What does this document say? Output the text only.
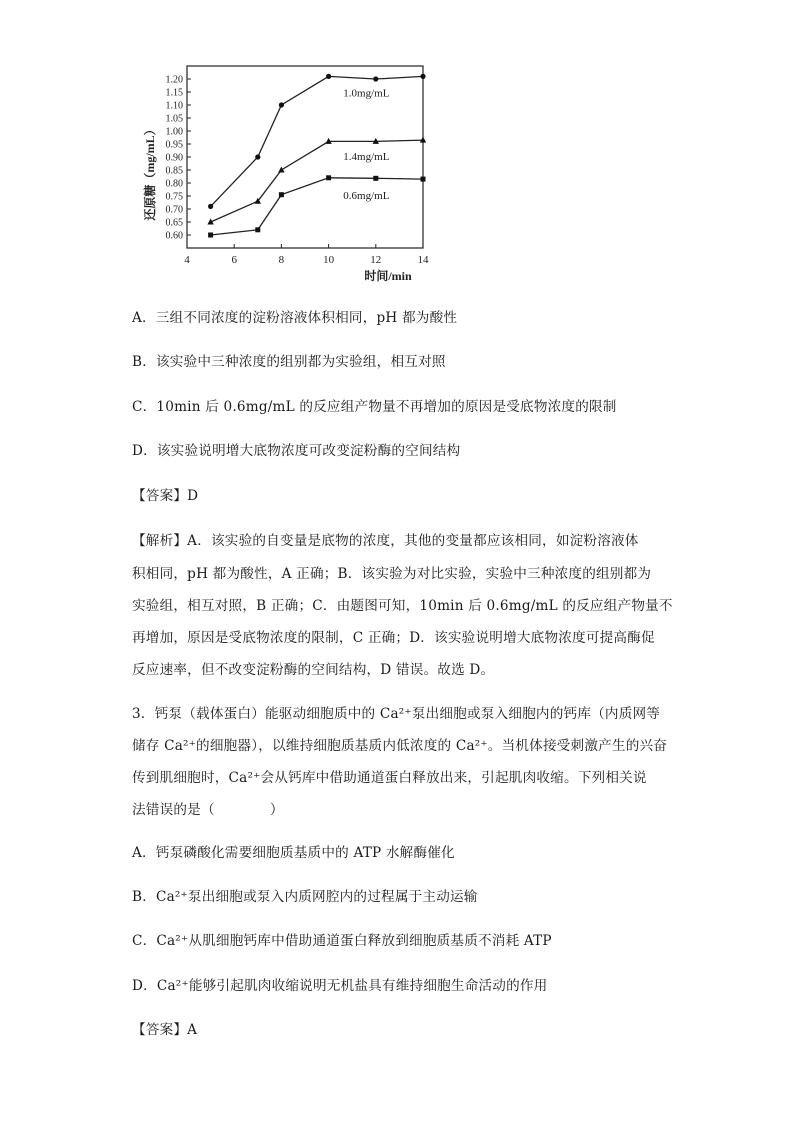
还原糖（mg/mL）
时间/min
4	6	8	10	12	14
0.60
0.65
0.70
0.75
0.80
0.85
0.90
0.95
1.00
1.05
1.10
1.15
1.20
1.0mg/mL
1.4mg/mL
0.6mg/mL
A．三组不同浓度的淀粉溶液体积相同，pH 都为酸性
B．该实验中三种浓度的组别都为实验组，相互对照
C．10min 后 0.6mg/mL 的反应组产物量不再增加的原因是受底物浓度的限制
D．该实验说明增大底物浓度可改变淀粉酶的空间结构
【答案】D
【解析】A．该实验的自变量是底物的浓度，其他的变量都应该相同，如淀粉溶液体
积相同，pH 都为酸性，A 正确；B．该实验为对比实验，实验中三种浓度的组别都为
实验组，相互对照，B 正确；C．由题图可知，10min 后 0.6mg/mL 的反应组产物量不
再增加，原因是受底物浓度的限制，C 正确；D．该实验说明增大底物浓度可提高酶促
反应速率，但不改变淀粉酶的空间结构，D 错误。故选 D。
3．钙泵（载体蛋白）能驱动细胞质中的 Ca²⁺泵出细胞或泵入细胞内的钙库（内质网等
储存 Ca²⁺的细胞器），以维持细胞质基质内低浓度的 Ca²⁺。当机体接受刺激产生的兴奋
传到肌细胞时，Ca²⁺会从钙库中借助通道蛋白释放出来，引起肌肉收缩。下列相关说
法错误的是（　　　　）
A．钙泵磷酸化需要细胞质基质中的 ATP 水解酶催化
B．Ca²⁺泵出细胞或泵入内质网腔内的过程属于主动运输
C．Ca²⁺从肌细胞钙库中借助通道蛋白释放到细胞质基质不消耗 ATP
D．Ca²⁺能够引起肌肉收缩说明无机盐具有维持细胞生命活动的作用
【答案】A
